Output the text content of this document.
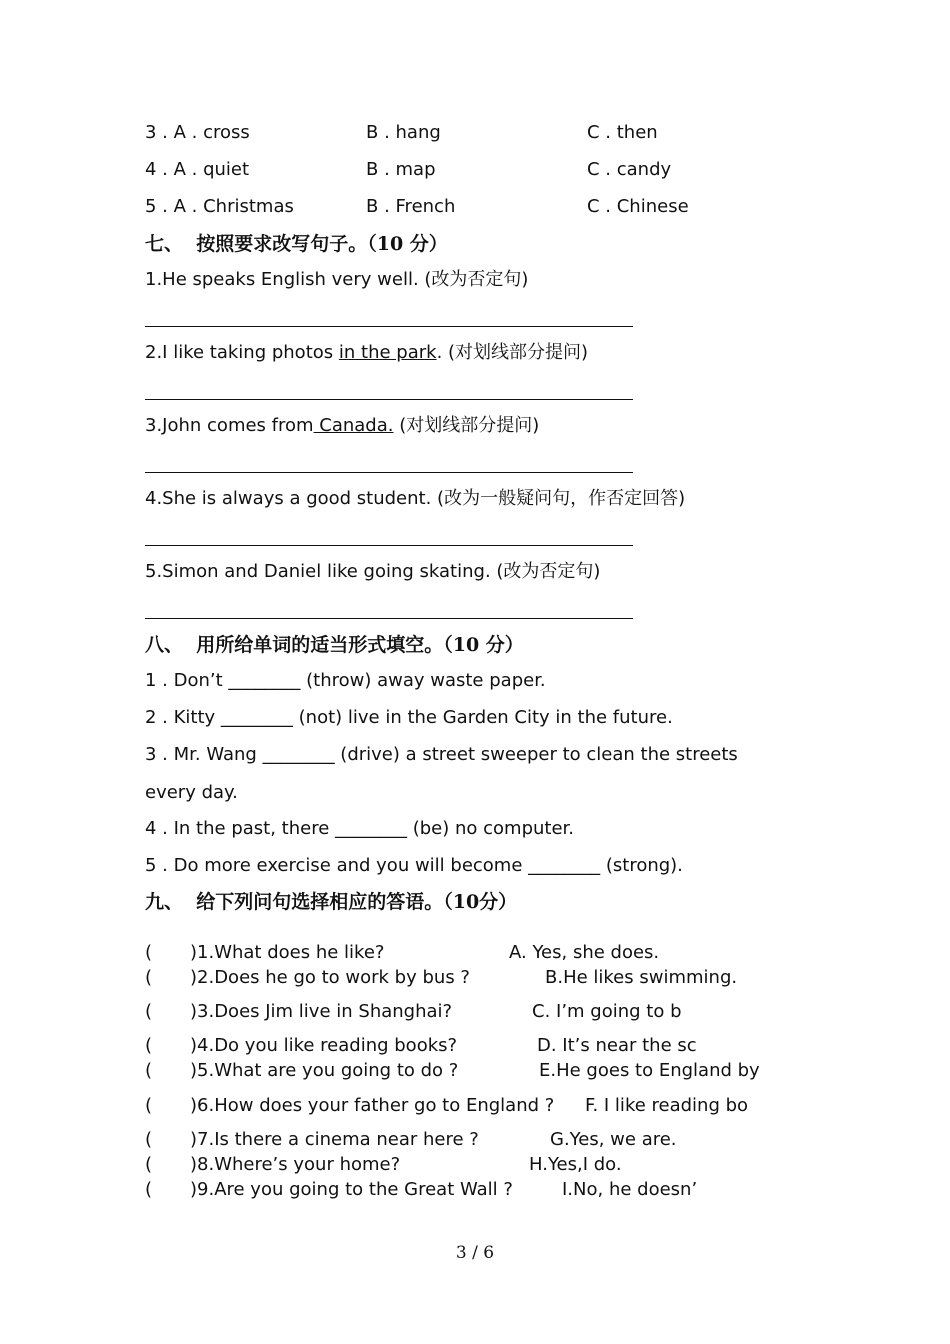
3 . A . cross	B . hang	C . then
4 . A . quiet	B . map	C . candy
5 . A . Christmas	B . French	C . Chinese
七、  按照要求改写句子。（10 分）
1.He speaks English very well. (改为否定句)
2.I like taking photos in the park. (对划线部分提问)
3.John comes from Canada. (对划线部分提问)
4.She is always a good student. (改为一般疑问句，作否定回答)
5.Simon and Daniel like going skating. (改为否定句)
八、  用所给单词的适当形式填空。（10 分）
1 . Don’t ________ (throw) away waste paper.
2 . Kitty ________ (not) live in the Garden City in the future.
3 . Mr. Wang ________ (drive) a street sweeper to clean the streets
every day.
4 . In the past, there ________ (be) no computer.
5 . Do more exercise and you will become ________ (strong).
九、  给下列问句选择相应的答语。（10分）
( )1.What does he like?	A. Yes, she does.
( )2.Does he go to work by bus ?	B.He likes swimming.
( )3.Does Jim live in Shanghai?	C. I’m going to b
( )4.Do you like reading books?	D. It’s near the sc
( )5.What are you going to do ?	E.He goes to England by
( )6.How does your father go to England ? F. I like reading bo
( )7.Is there a cinema near here ?	G.Yes, we are.
( )8.Where’s your home?	H.Yes,I do.
( )9.Are you going to the Great Wall ?	I.No, he doesn’
3 / 6
